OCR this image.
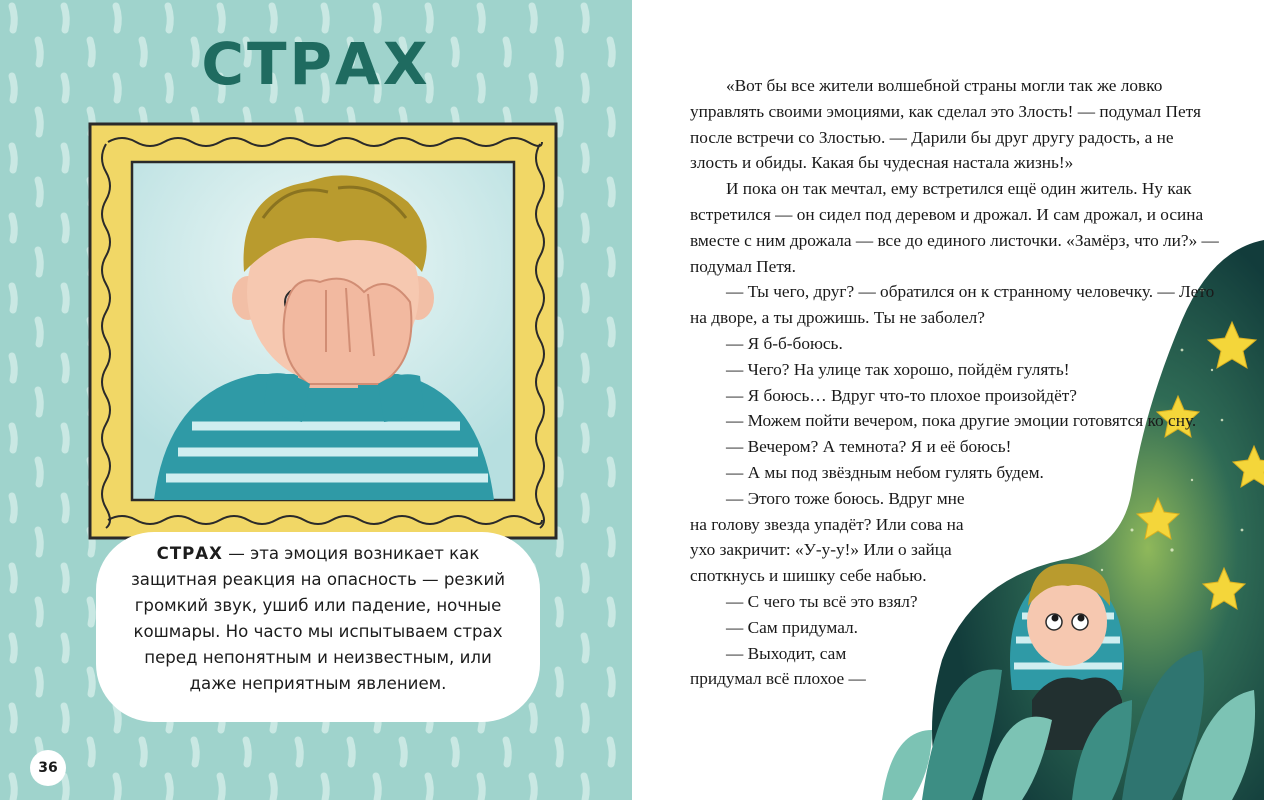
СТРАХ
СТРАХ — эта эмоция возникает как защитная реакция на опасность — резкий громкий звук, ушиб или падение, ночные кошмары. Но часто мы испытываем страх перед непонятным и неизвестным, или даже неприятным явлением.
36

«Вот бы все жители волшебной страны могли так же ловко управлять своими эмоциями, как сделал это Злость! — подумал Петя после встречи со Злостью. — Дарили бы друг другу радость, а не злость и обиды. Какая бы чудесная настала жизнь!»

И пока он так мечтал, ему встретился ещё один житель. Ну как встретился — он сидел под деревом и дрожал. И сам дрожал, и осина вместе с ним дрожала — все до единого листочки. «Замёрз, что ли?» — подумал Петя.

— Ты чего, друг? — обратился он к странному человечку. — Лето на дворе, а ты дрожишь. Ты не заболел?

— Я б-б-боюсь.

— Чего? На улице так хорошо, пойдём гулять!

— Я боюсь… Вдруг что-то плохое произойдёт?

— Можем пойти вечером, пока другие эмоции готовятся ко сну.

— Вечером? А темнота? Я и её боюсь!

— А мы под звёздным небом гулять будем.

— Этого тоже боюсь. Вдруг мне на голову звезда упадёт? Или сова на ухо закричит: «У-у-у!» Или о зайца споткнусь и шишку себе набью.

— С чего ты всё это взял?

— Сам придумал.

— Выходит, сам придумал всё плохое —
